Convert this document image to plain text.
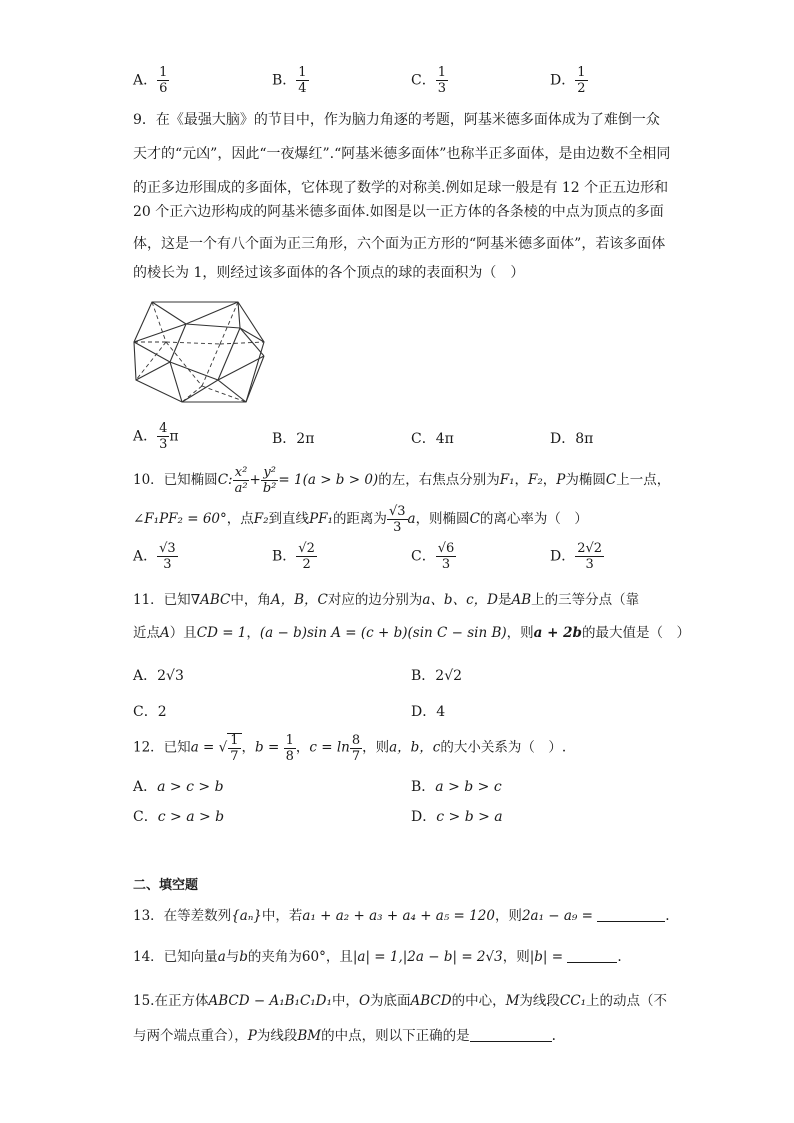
A． $\frac{1}{6}$	B． $\frac{1}{4}$	C． $\frac{1}{3}$	D． $\frac{1}{2}$
9．在《最强大脑》的节目中，作为脑力角逐的考题，阿基米德多面体成为了难倒一众
天才的“元凶”，因此“一夜爆红”.“阿基米德多面体”也称半正多面体，是由边数不全相同
的正多边形围成的多面体，它体现了数学的对称美.例如足球一般是有 12 个正五边形和
20 个正六边形构成的阿基米德多面体.如图是以一正方体的各条棱的中点为顶点的多面
体，这是一个有八个面为正三角形，六个面为正方形的“阿基米德多面体”，若该多面体
的棱长为 1，则经过该多面体的各个顶点的球的表面积为（　）
A． $\frac{4}{3}$ π	B．2π	C．4π	D．8π
10．已知椭圆C: $\frac{\text{x²}}{\text{a²}} + \frac{\text{y²}}{\text{b²}} = 1(a > b > 0)$的左，右焦点分别为F₁，F₂，P为椭圆C上一点，
∠F₁PF₂ = 60°，点F₂到直线PF₁的距离为 $\frac{√3}{3}$ a，则椭圆C的离心率为（　）
A． $\frac{√3}{3}$	B． $\frac{√2}{2}$	C． $\frac{√6}{3}$	D． $\frac{2√2}{3}$
11．已知∇ABC中，角A，B，C对应的边分别为a、b、c，D是AB上的三等分点（靠
近点A）且CD = 1，(a − b)sin A = (c + b)(sin C − sin B)，则a + 2b的最大值是（　）
A．2√3	B．2√2
C．2	D．4
12．已知a = √ $\frac{1}{7}$ ，$b = \frac{1}{8}$ ，$c = \ln \frac{8}{7}$ ，则a，b，c的大小关系为（　）.
A．a > c > b	B．a > b > c
C．c > a > b	D．c > b > a
二、填空题
13．在等差数列{aₙ}中，若a₁ + a₂ + a₃ + a₄ + a₅ = 120，则2a₁ − a₉ =	.
14．已知向量a与b的夹角为60°，且|a| = 1,|2a − b| = 2√3，则|b| =	.
15.在正方体ABCD − A₁B₁C₁D₁中，O为底面ABCD的中心，M为线段CC₁上的动点（不
与两个端点重合），P为线段BM的中点，则以下正确的是	.
